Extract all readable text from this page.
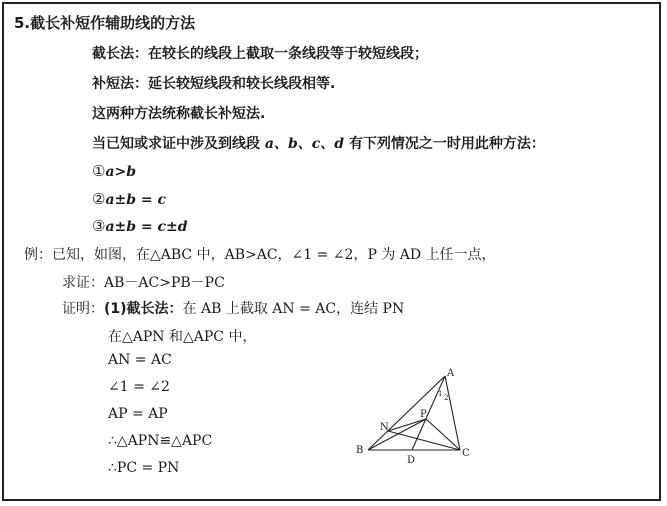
5.截长补短作辅助线的方法
截长法：在较长的线段上截取一条线段等于较短线段；
补短法：延长较短线段和较长线段相等.
这两种方法统称截长补短法.
当已知或求证中涉及到线段 a、b、c、d 有下列情况之一时用此种方法：
①a>b
②a±b = c
③a±b = c±d
例：已知，如图，在△ABC 中，AB>AC，∠1 = ∠2，P 为 AD 上任一点，
求证：AB－AC>PB－PC
证明：(1)截长法：在 AB 上截取 AN = AC，连结 PN
在△APN 和△APC 中，
AN = AC
∠1 = ∠2
AP = AP
∴△APN≌△APC
∴PC = PN
A
B	C
D
N
P
1 2
